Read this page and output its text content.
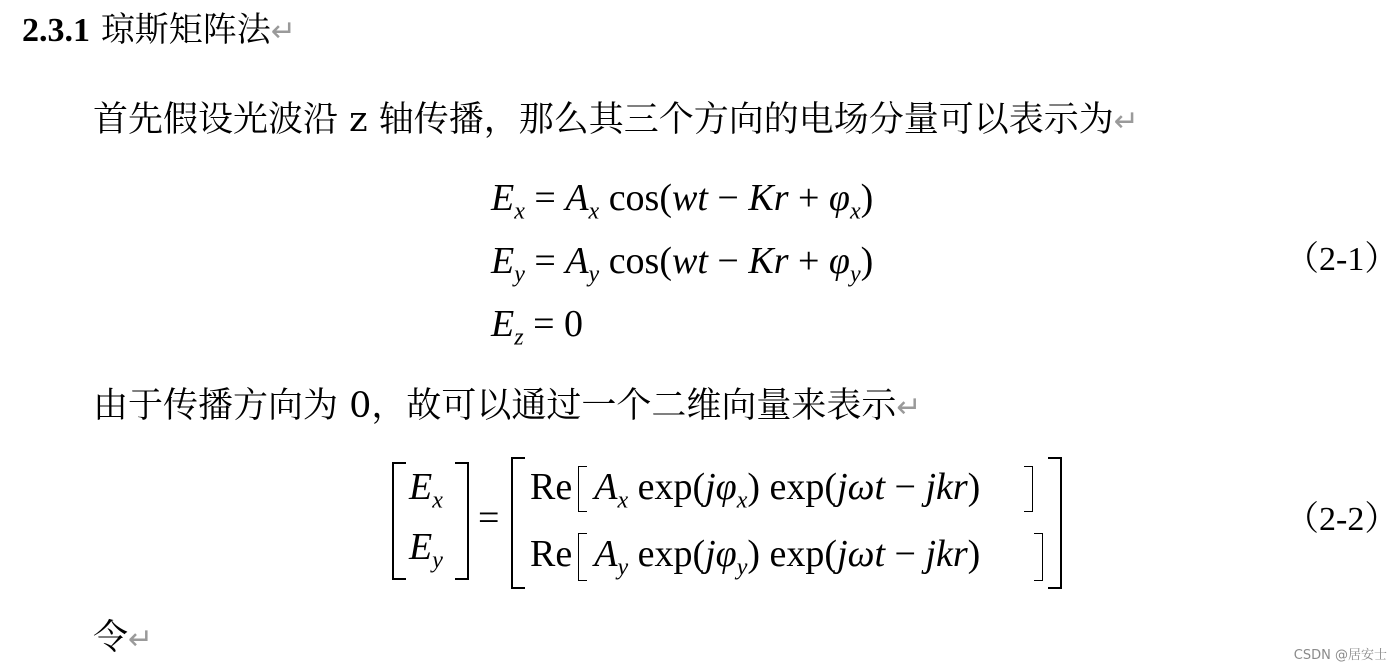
2.3.1 琼斯矩阵法↵
首先假设光波沿 z 轴传播，那么其三个方向的电场分量可以表示为↵
$E_x = A_x$ $\cos(wt - Kr + \varphi_x)$
$E_y = A_y$ $\cos(wt - Kr + \varphi_y)$
$E_z = 0$
（2-1）
由于传播方向为 0，故可以通过一个二维向量来表示↵
$E_x$
$E_y$
=
Re $A_x$ $\exp(j\varphi_x) \exp(j\omega t - jkr)$
Re $A_y$ $\exp(j\varphi_y) \exp(j\omega t - jkr)$
（2-2）
令↵	CSDN @居安士
